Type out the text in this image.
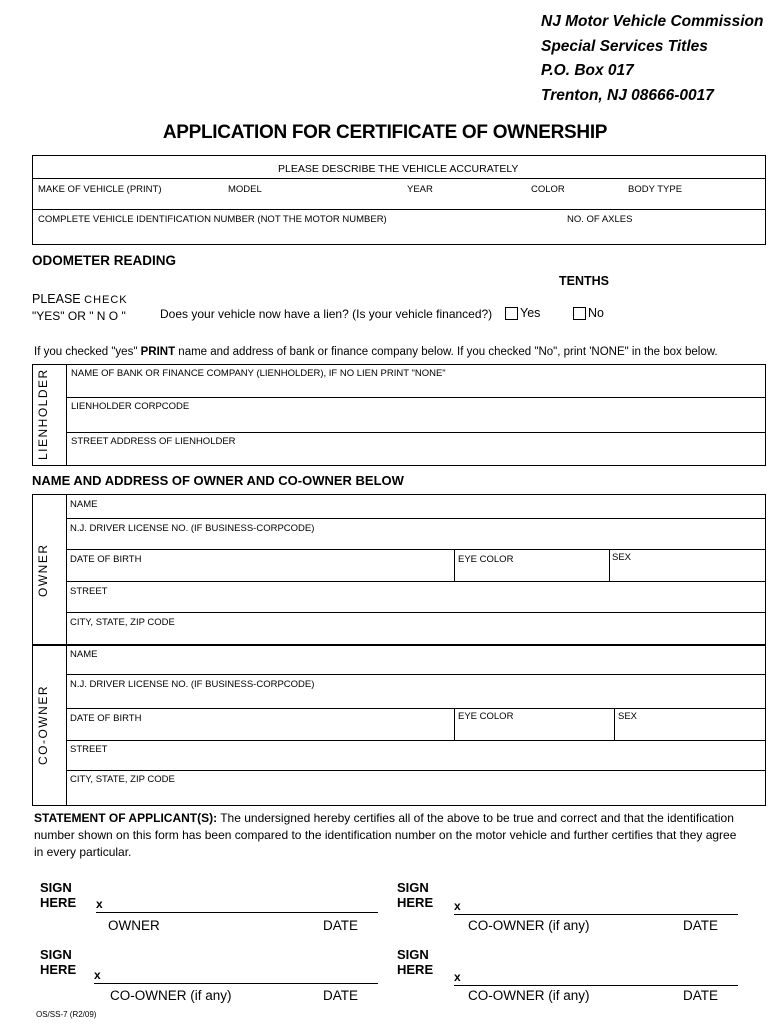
NJ Motor Vehicle Commission
Special Services Titles
P.O. Box 017
Trenton, NJ 08666-0017
APPLICATION FOR CERTIFICATE OF OWNERSHIP
PLEASE DESCRIBE THE VEHICLE ACCURATELY
MAKE OF VEHICLE (PRINT)	MODEL	YEAR	COLOR	BODY TYPE
COMPLETE VEHICLE IDENTIFICATION NUMBER (NOT THE MOTOR NUMBER)	NO. OF AXLES
ODOMETER READING
TENTHS
PLEASE CHECK
"YES" OR " N O "	Does your vehicle now have a lien? (Is your vehicle financed?)	Yes	No
If you checked "yes" PRINT name and address of bank or finance company below. If you checked "No", print 'NONE" in the box below.
LIENHOLDER	NAME OF BANK OR FINANCE COMPANY (LIENHOLDER), IF NO LIEN PRINT "NONE"
LIENHOLDER CORPCODE
STREET ADDRESS OF LIENHOLDER
NAME AND ADDRESS OF OWNER AND CO-OWNER BELOW
OWNER
NAME
N.J. DRIVER LICENSE NO. (IF BUSINESS-CORPCODE)
DATE OF BIRTH	EYE COLOR	SEX
STREET
CITY, STATE, ZIP CODE
CO-OWNER
NAME
N.J. DRIVER LICENSE NO. (IF BUSINESS-CORPCODE)
DATE OF BIRTH	EYE COLOR	SEX
STREET
CITY, STATE, ZIP CODE
STATEMENT OF APPLICANT(S): The undersigned hereby certifies all of the above to be true and correct and that the identification number shown on this form has been compared to the identification number on the motor vehicle and further certifies that they agree in every particular.
SIGN
HERE x
OWNER	DATE
SIGN
HERE x
CO-OWNER (if any)	DATE
SIGN
HERE x
CO-OWNER (if any)	DATE
SIGN
HERE x
CO-OWNER (if any)	DATE
OS/SS-7 (R2/09)
